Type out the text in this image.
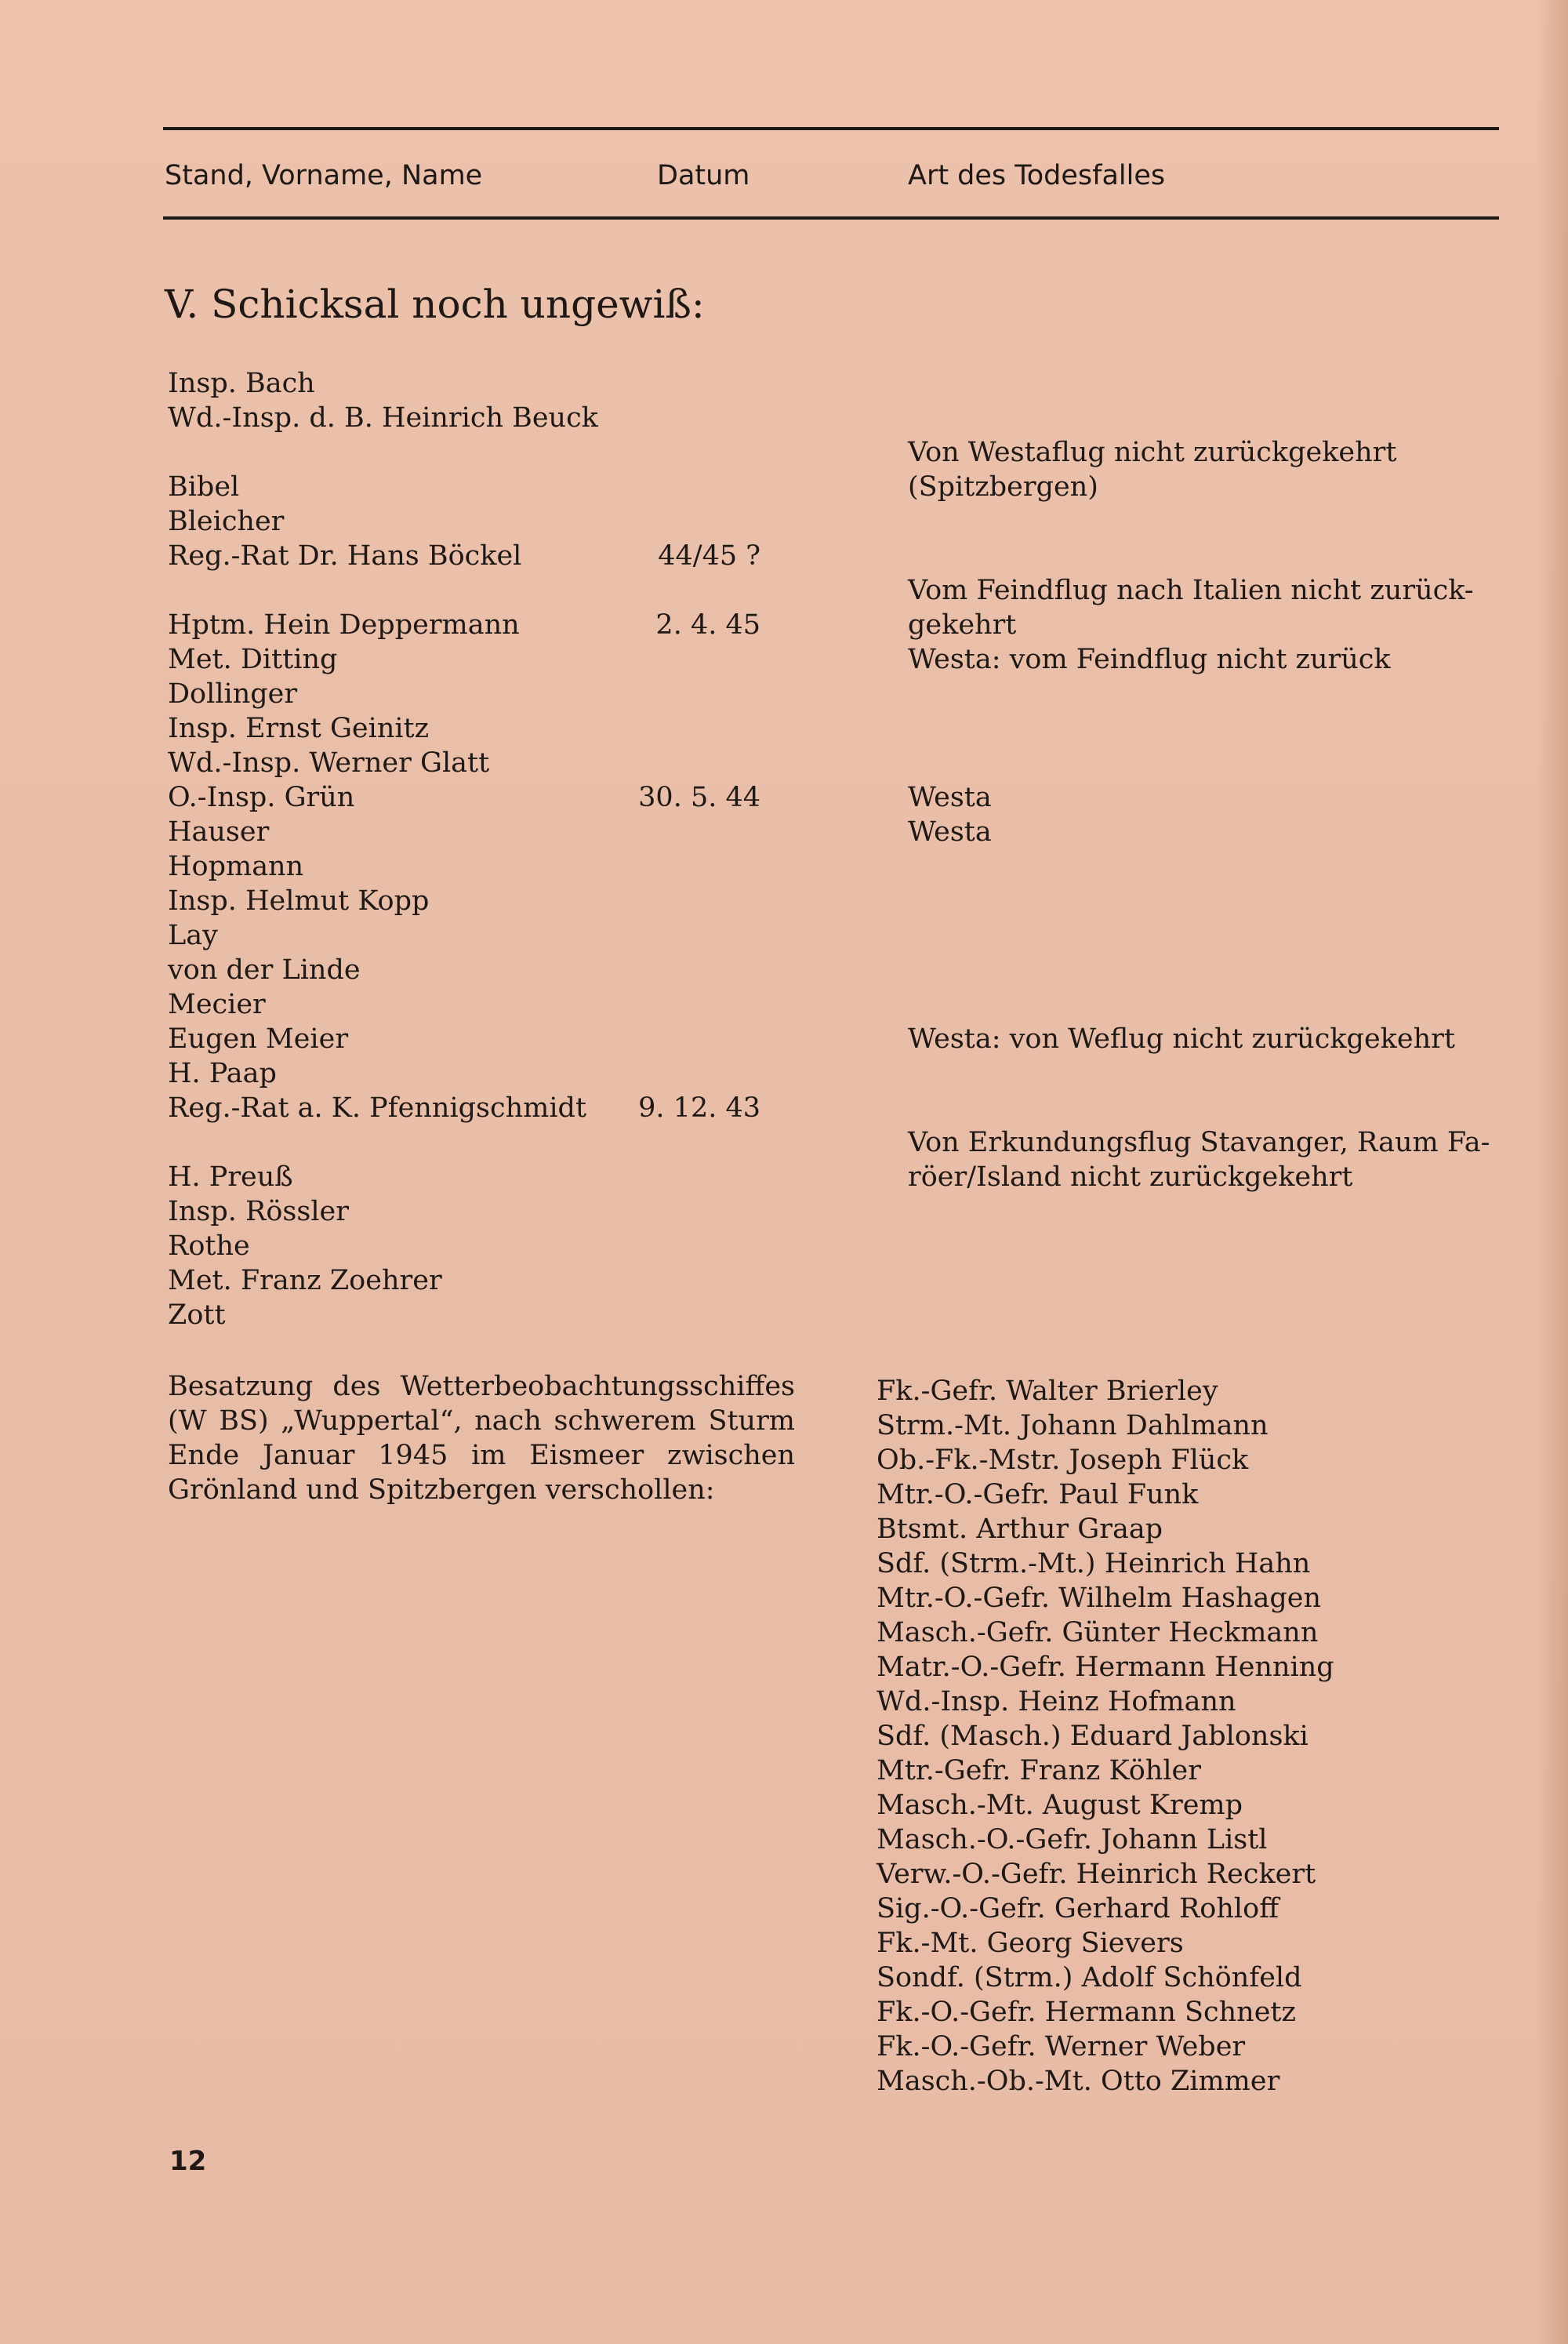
Stand, Vorname, Name	Datum	Art des Todesfalles
V. Schicksal noch ungewiß:
Insp. Bach
Wd.-Insp. d. B. Heinrich Beuck
Bibel
Bleicher
Reg.-Rat Dr. Hans Böckel
Hptm. Hein Deppermann
Met. Ditting
Dollinger
Insp. Ernst Geinitz
Wd.-Insp. Werner Glatt
O.-Insp. Grün
Hauser
Hopmann
Insp. Helmut Kopp
Lay
von der Linde
Mecier
Eugen Meier
H. Paap
Reg.-Rat a. K. Pfennigschmidt
H. Preuß
Insp. Rössler
Rothe
Met. Franz Zoehrer
Zott
44/45 ?
2. 4. 45
30. 5. 44
9. 12. 43
Von Westaflug nicht zurückgekehrt
(Spitzbergen)
Vom Feindflug nach Italien nicht zurück-
gekehrt
Westa: vom Feindflug nicht zurück
Westa
Westa
Westa: von Weflug nicht zurückgekehrt
Von Erkundungsflug Stavanger, Raum Fa-
röer/Island nicht zurückgekehrt
Besatzung des Wetterbeobachtungsschiffes (W BS) „Wuppertal“, nach schwerem Sturm Ende Januar 1945 im Eismeer zwischen Grönland und Spitzbergen verschollen:
Fk.-Gefr. Walter Brierley
Strm.-Mt. Johann Dahlmann
Ob.-Fk.-Mstr. Joseph Flück
Mtr.-O.-Gefr. Paul Funk
Btsmt. Arthur Graap
Sdf. (Strm.-Mt.) Heinrich Hahn
Mtr.-O.-Gefr. Wilhelm Hashagen
Masch.-Gefr. Günter Heckmann
Matr.-O.-Gefr. Hermann Henning
Wd.-Insp. Heinz Hofmann
Sdf. (Masch.) Eduard Jablonski
Mtr.-Gefr. Franz Köhler
Masch.-Mt. August Kremp
Masch.-O.-Gefr. Johann Listl
Verw.-O.-Gefr. Heinrich Reckert
Sig.-O.-Gefr. Gerhard Rohloff
Fk.-Mt. Georg Sievers
Sondf. (Strm.) Adolf Schönfeld
Fk.-O.-Gefr. Hermann Schnetz
Fk.-O.-Gefr. Werner Weber
Masch.-Ob.-Mt. Otto Zimmer
12
